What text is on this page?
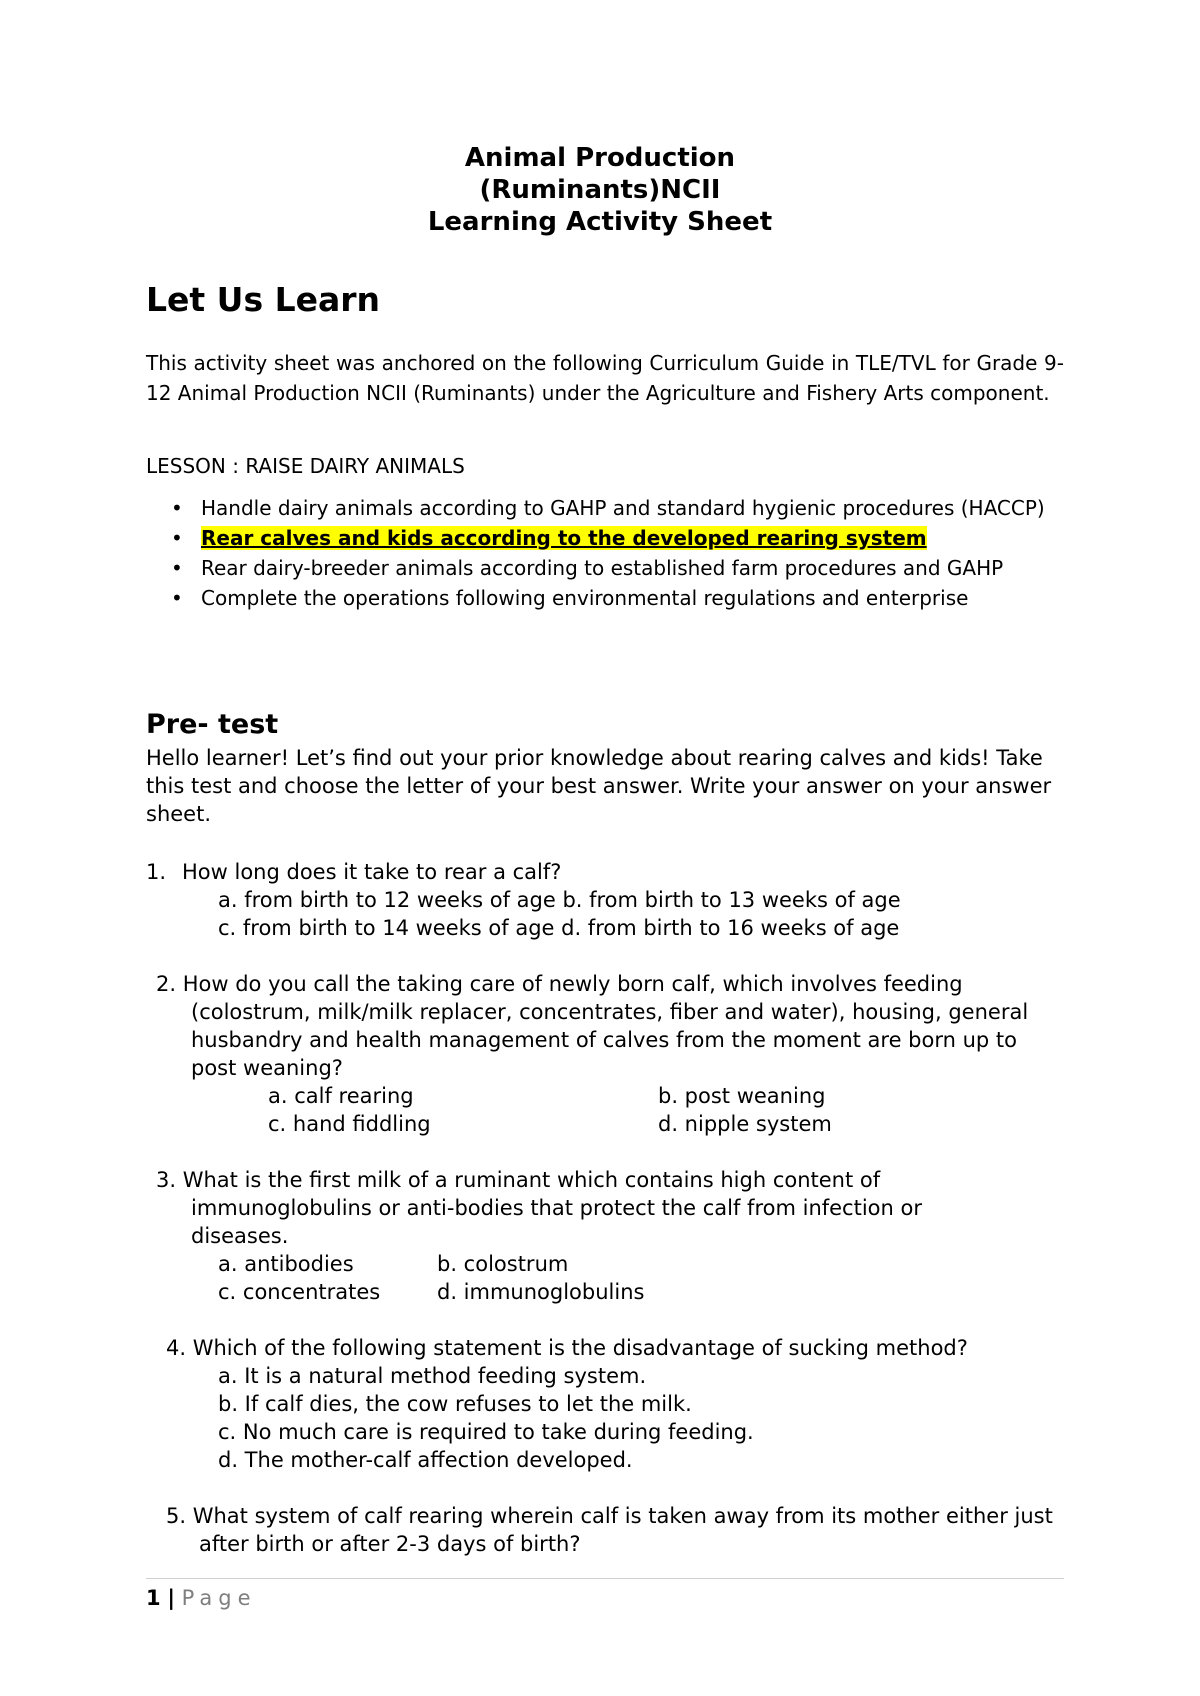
Animal Production
(Ruminants)NCII
Learning Activity Sheet
Let Us Learn

This activity sheet was anchored on the following Curriculum Guide in TLE/TVL for Grade 9-12 Animal Production NCII (Ruminants) under the Agriculture and Fishery Arts component.

LESSON : RAISE DAIRY ANIMALS

• Handle dairy animals according to GAHP and standard hygienic procedures (HACCP)
• Rear calves and kids according to the developed rearing system
• Rear dairy-breeder animals according to established farm procedures and GAHP
• Complete the operations following environmental regulations and enterprise
Pre- test

Hello learner! Let’s find out your prior knowledge about rearing calves and kids! Take this test and choose the letter of your best answer. Write your answer on your answer sheet.

1. How long does it take to rear a calf?
a. from birth to 12 weeks of age b. from birth to 13 weeks of age
c. from birth to 14 weeks of age d. from birth to 16 weeks of age
2. How do you call the taking care of newly born calf, which involves feeding (colostrum, milk/milk replacer, concentrates, fiber and water), housing, general husbandry and health management of calves from the moment are born up to post weaning?
a. calf rearing	b. post weaning
c. hand fiddling	d. nipple system
3. What is the first milk of a ruminant which contains high content of immunoglobulins or anti-bodies that protect the calf from infection or diseases.
a. antibodies	b. colostrum
c. concentrates	d. immunoglobulins
4. Which of the following statement is the disadvantage of sucking method?
a. It is a natural method feeding system.
b. If calf dies, the cow refuses to let the milk.
c. No much care is required to take during feeding.
d. The mother-calf affection developed.
5. What system of calf rearing wherein calf is taken away from its mother either just after birth or after 2-3 days of birth?
1 | Page
